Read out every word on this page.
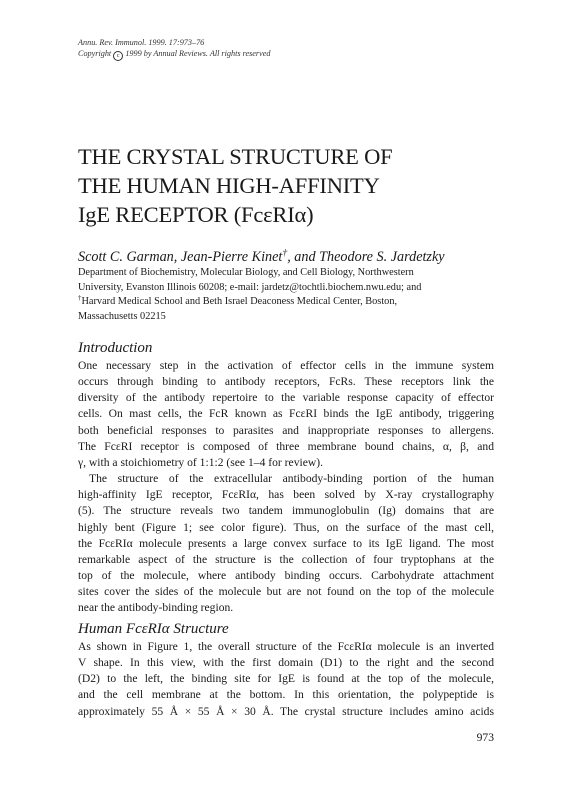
Annu. Rev. Immunol. 1999. 17:973–76
Copyright c 1999 by Annual Reviews. All rights reserved
THE CRYSTAL STRUCTURE OF
THE HUMAN HIGH-AFFINITY
IgE RECEPTOR (FcεRIα)
Scott C. Garman, Jean-Pierre Kinet†, and Theodore S. Jardetzky
Department of Biochemistry, Molecular Biology, and Cell Biology, Northwestern
University, Evanston Illinois 60208; e-mail: jardetz@tochtli.biochem.nwu.edu; and
†Harvard Medical School and Beth Israel Deaconess Medical Center, Boston,
Massachusetts 02215
Introduction
One necessary step in the activation of effector cells in the immune system
occurs through binding to antibody receptors, FcRs. These receptors link the
diversity of the antibody repertoire to the variable response capacity of effector
cells. On mast cells, the FcR known as FcεRI binds the IgE antibody, triggering
both beneficial responses to parasites and inappropriate responses to allergens.
The FcεRI receptor is composed of three membrane bound chains, α, β, and
γ, with a stoichiometry of 1:1:2 (see 1–4 for review).
The structure of the extracellular antibody-binding portion of the human
high-affinity IgE receptor, FcεRIα, has been solved by X-ray crystallography
(5). The structure reveals two tandem immunoglobulin (Ig) domains that are
highly bent (Figure 1; see color figure). Thus, on the surface of the mast cell,
the FcεRIα molecule presents a large convex surface to its IgE ligand. The most
remarkable aspect of the structure is the collection of four tryptophans at the
top of the molecule, where antibody binding occurs. Carbohydrate attachment
sites cover the sides of the molecule but are not found on the top of the molecule
near the antibody-binding region.
Human FcεRIα Structure
As shown in Figure 1, the overall structure of the FcεRIα molecule is an inverted
V shape. In this view, with the first domain (D1) to the right and the second
(D2) to the left, the binding site for IgE is found at the top of the molecule,
and the cell membrane at the bottom. In this orientation, the polypeptide is
approximately 55 Å × 55 Å × 30 Å. The crystal structure includes amino acids
973
